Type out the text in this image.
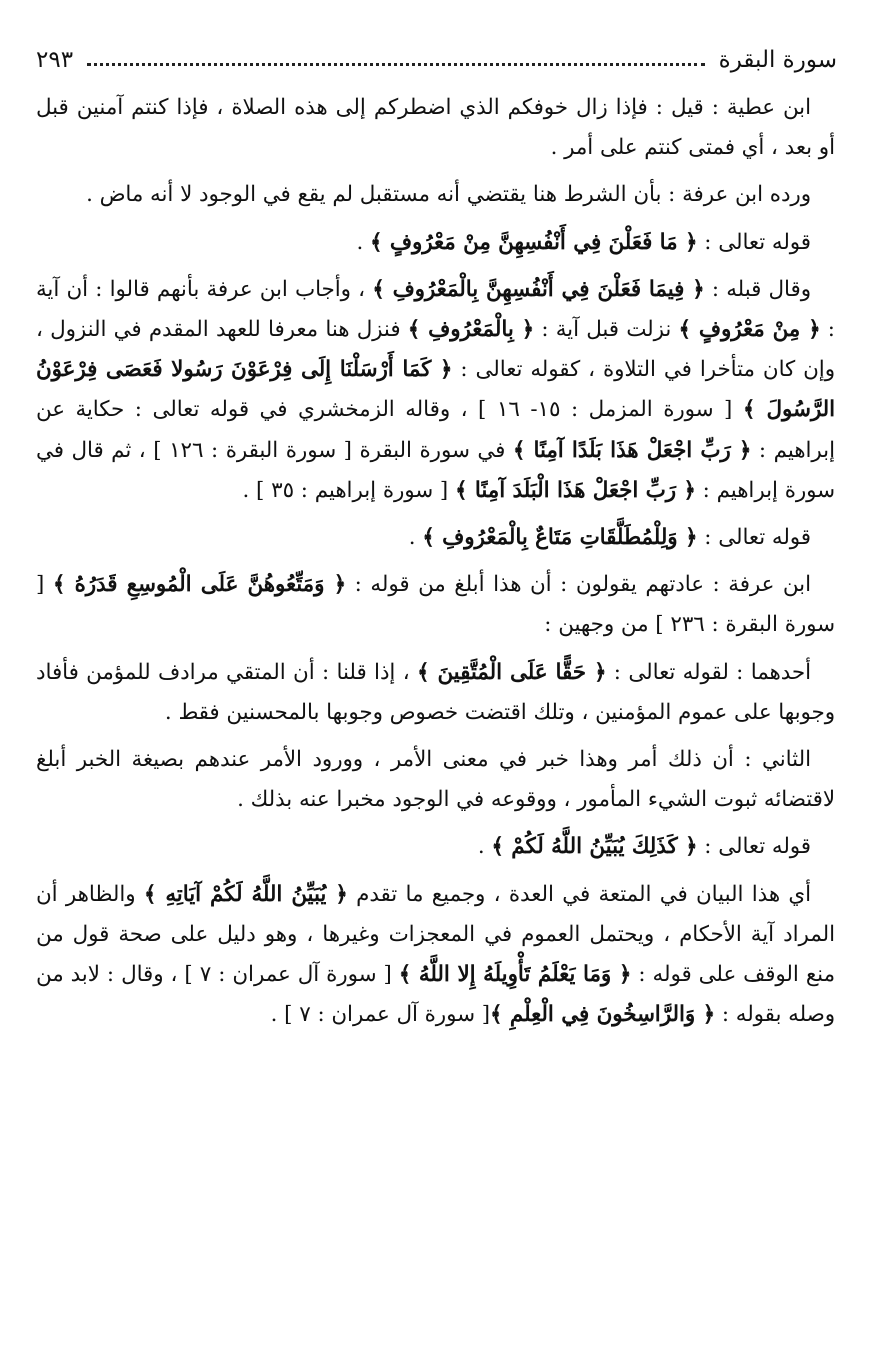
سورة البقرة
٢٩٣

ابن عطية : قيل : فإذا زال خوفكم الذي اضطركم إلى هذه الصلاة ، فإذا كنتم آمنين قبل أو بعد ، أي فمتى كنتم على أمر .

ورده ابن عرفة : بأن الشرط هنا يقتضي أنه مستقبل لم يقع في الوجود لا أنه ماض .

قوله تعالى : ﴿ مَا فَعَلْنَ فِي أَنْفُسِهِنَّ مِنْ مَعْرُوفٍ ﴾ .

وقال قبله : ﴿ فِيمَا فَعَلْنَ فِي أَنْفُسِهِنَّ بِالْمَعْرُوفِ ﴾ ، وأجاب ابن عرفة بأنهم قالوا : أن آية : ﴿ مِنْ مَعْرُوفٍ ﴾ نزلت قبل آية : ﴿ بِالْمَعْرُوفِ ﴾ فنزل هنا معرفا للعهد المقدم في النزول ، وإن كان متأخرا في التلاوة ، كقوله تعالى : ﴿ كَمَا أَرْسَلْنَا إِلَى فِرْعَوْنَ رَسُولا فَعَصَى فِرْعَوْنُ الرَّسُولَ ﴾ [ سورة المزمل : ١٥- ١٦ ] ، وقاله الزمخشري في قوله تعالى : حكاية عن إبراهيم : ﴿ رَبِّ اجْعَلْ هَذَا بَلَدًا آمِنًا ﴾ في سورة البقرة [ سورة البقرة : ١٢٦ ] ، ثم قال في سورة إبراهيم : ﴿ رَبِّ اجْعَلْ هَذَا الْبَلَدَ آمِنًا ﴾ [ سورة إبراهيم : ٣٥ ] .

قوله تعالى : ﴿ وَلِلْمُطَلَّقَاتِ مَتَاعٌ بِالْمَعْرُوفِ ﴾ .

ابن عرفة : عادتهم يقولون : أن هذا أبلغ من قوله : ﴿ وَمَتِّعُوهُنَّ عَلَى الْمُوسِعِ قَدَرُهُ ﴾ [ سورة البقرة : ٢٣٦ ] من وجهين :

أحدهما : لقوله تعالى : ﴿ حَقًّا عَلَى الْمُتَّقِينَ ﴾ ، إذا قلنا : أن المتقي مرادف للمؤمن فأفاد وجوبها على عموم المؤمنين ، وتلك اقتضت خصوص وجوبها بالمحسنين فقط .

الثاني : أن ذلك أمر وهذا خبر في معنى الأمر ، وورود الأمر عندهم بصيغة الخبر أبلغ لاقتضائه ثبوت الشيء المأمور ، ووقوعه في الوجود مخبرا عنه بذلك .

قوله تعالى : ﴿ كَذَلِكَ يُبَيِّنُ اللَّهُ لَكُمْ ﴾ .

أي هذا البيان في المتعة في العدة ، وجميع ما تقدم ﴿ يُبَيِّنُ اللَّهُ لَكُمْ آيَاتِهِ ﴾ والظاهر أن المراد آية الأحكام ، ويحتمل العموم في المعجزات وغيرها ، وهو دليل على صحة قول من منع الوقف على قوله : ﴿ وَمَا يَعْلَمُ تَأْوِيلَهُ إِلا اللَّهُ ﴾ [ سورة آل عمران : ٧ ] ، وقال : لابد من وصله بقوله : ﴿ وَالرَّاسِخُونَ فِي الْعِلْمِ ﴾[ سورة آل عمران : ٧ ] .
